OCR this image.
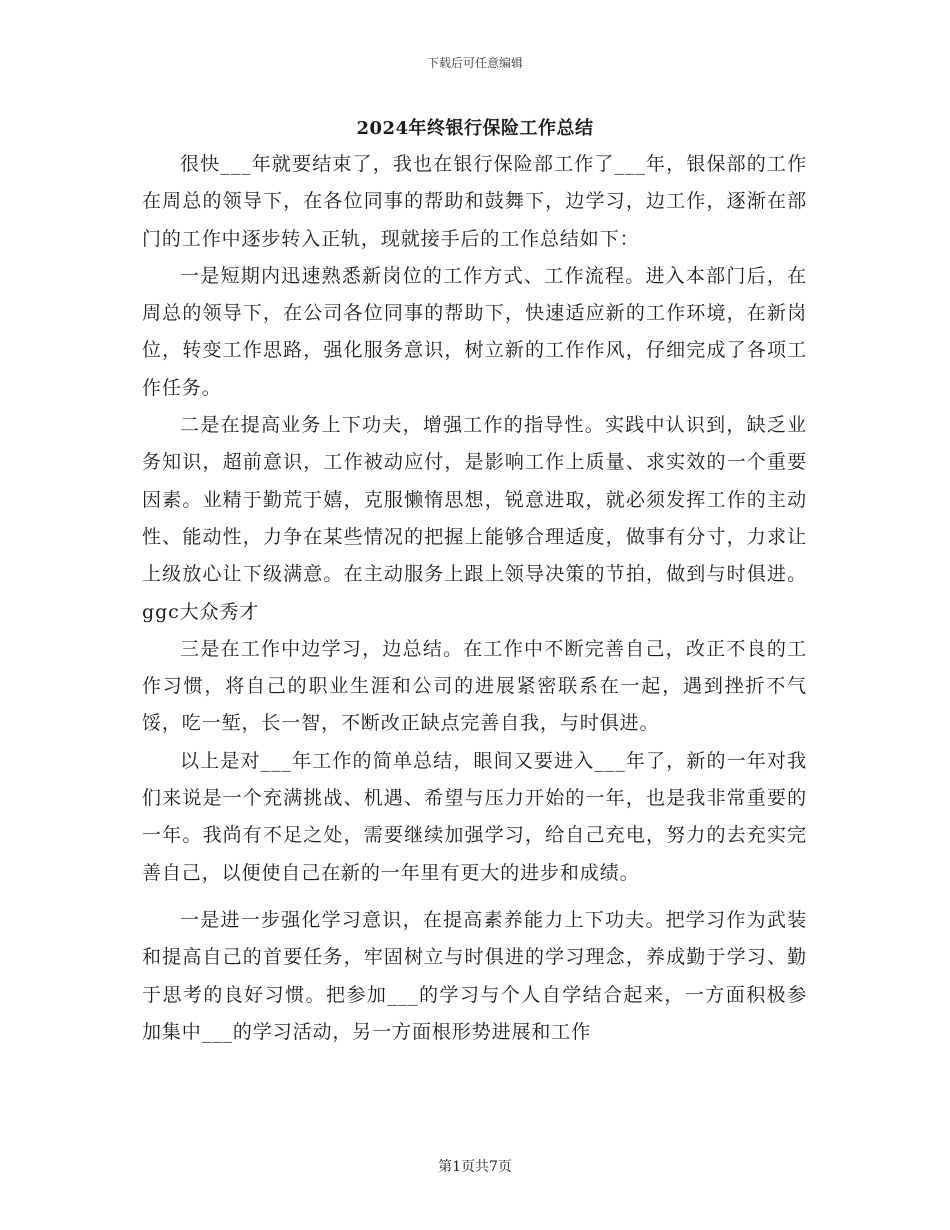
下载后可任意编辑
2024年终银行保险工作总结

很快___年就要结束了，我也在银行保险部工作了___年，银保部的工作在周总的领导下，在各位同事的帮助和鼓舞下，边学习，边工作，逐渐在部门的工作中逐步转入正轨，现就接手后的工作总结如下：

一是短期内迅速熟悉新岗位的工作方式、工作流程。进入本部门后，在周总的领导下，在公司各位同事的帮助下，快速适应新的工作环境，在新岗位，转变工作思路，强化服务意识，树立新的工作作风，仔细完成了各项工作任务。

二是在提高业务上下功夫，增强工作的指导性。实践中认识到，缺乏业务知识，超前意识，工作被动应付，是影响工作上质量、求实效的一个重要因素。业精于勤荒于嬉，克服懒惰思想，锐意进取，就必须发挥工作的主动性、能动性，力争在某些情况的把握上能够合理适度，做事有分寸，力求让上级放心让下级满意。在主动服务上跟上领导决策的节拍，做到与时俱进。ggc大众秀才

三是在工作中边学习，边总结。在工作中不断完善自己，改正不良的工作习惯，将自己的职业生涯和公司的进展紧密联系在一起，遇到挫折不气馁，吃一堑，长一智，不断改正缺点完善自我，与时俱进。

以上是对___年工作的简单总结，眼间又要进入___年了，新的一年对我们来说是一个充满挑战、机遇、希望与压力开始的一年，也是我非常重要的一年。我尚有不足之处，需要继续加强学习，给自己充电，努力的去充实完善自己，以便使自己在新的一年里有更大的进步和成绩。

一是进一步强化学习意识，在提高素养能力上下功夫。把学习作为武装和提高自己的首要任务，牢固树立与时俱进的学习理念，养成勤于学习、勤于思考的良好习惯。把参加___的学习与个人自学结合起来，一方面积极参加集中___的学习活动，另一方面根形势进展和工作

第1页共7页
